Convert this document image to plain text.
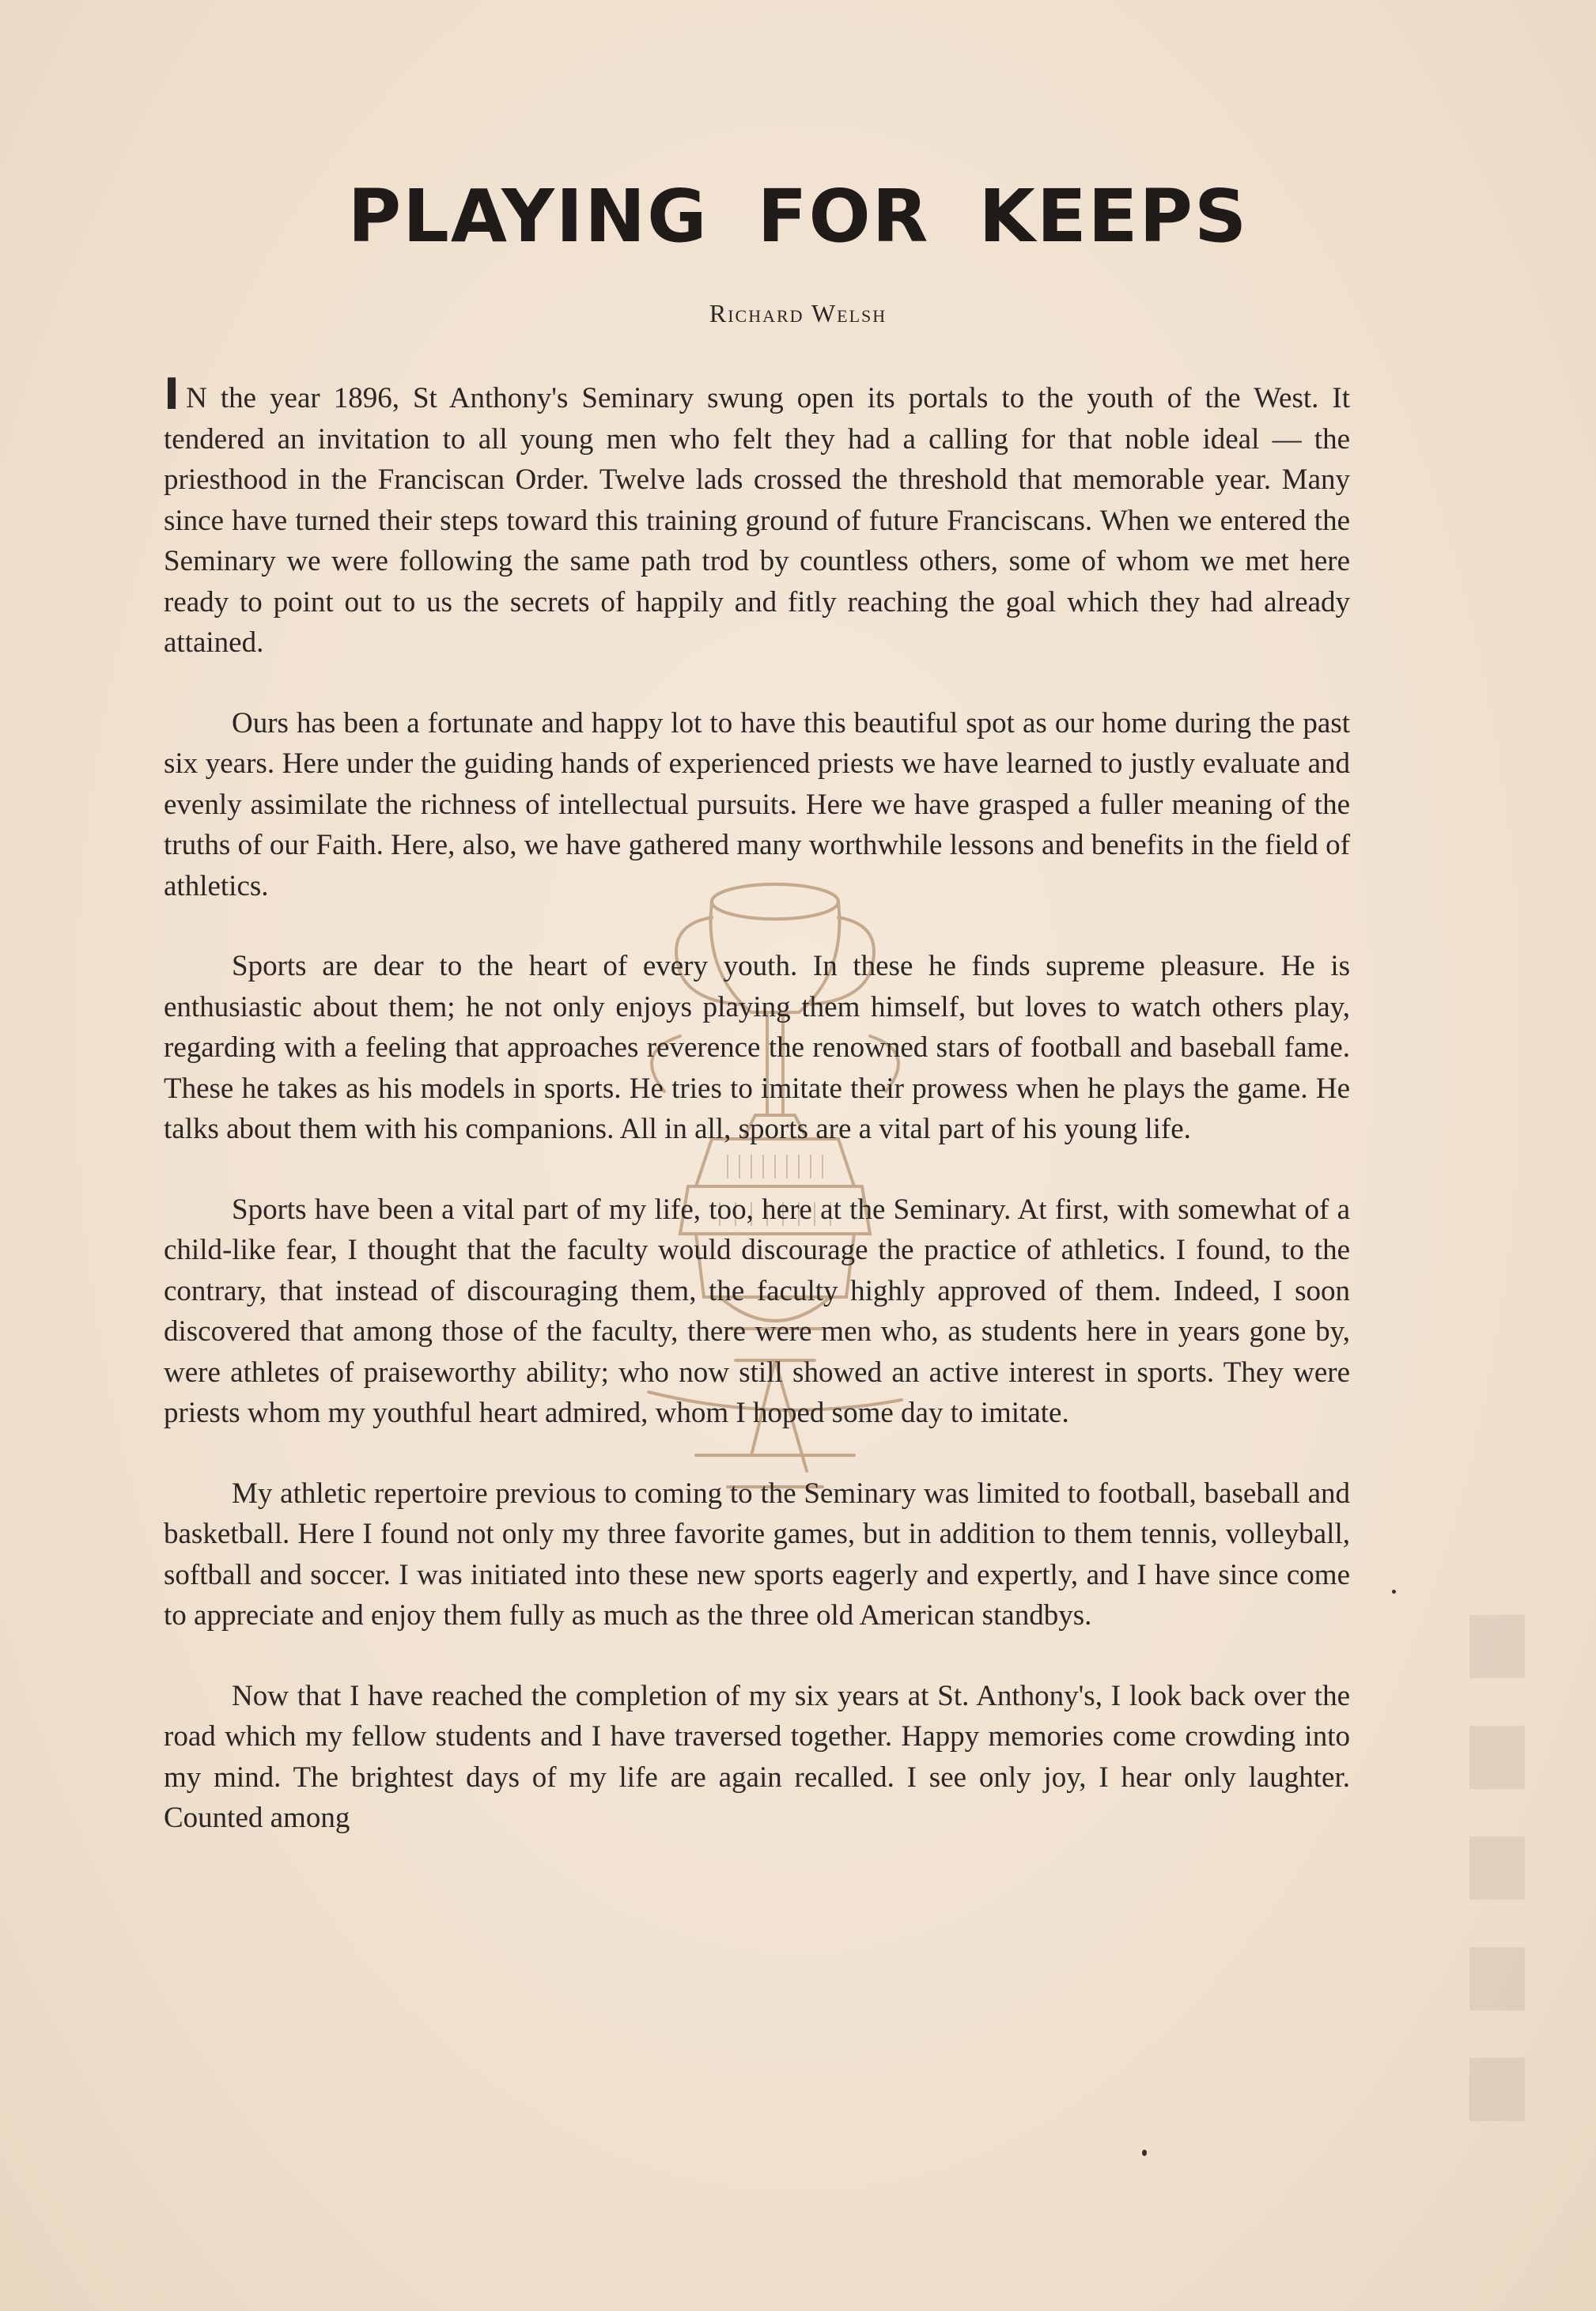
PLAYING FOR KEEPS
Richard Welsh

I N the year 1896, St Anthony's Seminary swung open its portals to the youth of the West. It tendered an invitation to all young men who felt they had a calling for that noble ideal — the priesthood in the Franciscan Order. Twelve lads crossed the threshold that memorable year. Many since have turned their steps toward this training ground of future Franciscans. When we entered the Seminary we were following the same path trod by countless others, some of whom we met here ready to point out to us the secrets of happily and fitly reaching the goal which they had already attained.

Ours has been a fortunate and happy lot to have this beautiful spot as our home during the past six years. Here under the guiding hands of experienced priests we have learned to justly evaluate and evenly assimilate the richness of intellectual pursuits. Here we have grasped a fuller meaning of the truths of our Faith. Here, also, we have gathered many worthwhile lessons and benefits in the field of athletics.

Sports are dear to the heart of every youth. In these he finds supreme pleasure. He is enthusiastic about them; he not only enjoys playing them himself, but loves to watch others play, regarding with a feeling that approaches reverence the renowned stars of football and baseball fame. These he takes as his models in sports. He tries to imitate their prowess when he plays the game. He talks about them with his companions. All in all, sports are a vital part of his young life.

Sports have been a vital part of my life, too, here at the Seminary. At first, with somewhat of a child-like fear, I thought that the faculty would discourage the practice of athletics. I found, to the contrary, that instead of discouraging them, the faculty highly approved of them. Indeed, I soon discovered that among those of the faculty, there were men who, as students here in years gone by, were athletes of praiseworthy ability; who now still showed an active interest in sports. They were priests whom my youthful heart admired, whom I hoped some day to imitate.

My athletic repertoire previous to coming to the Seminary was limited to football, baseball and basketball. Here I found not only my three favorite games, but in addition to them tennis, volleyball, softball and soccer. I was initiated into these new sports eagerly and expertly, and I have since come to appreciate and enjoy them fully as much as the three old American standbys.

Now that I have reached the completion of my six years at St. Anthony's, I look back over the road which my fellow students and I have traversed together. Happy memories come crowding into my mind. The brightest days of my life are again recalled. I see only joy, I hear only laughter. Counted among
